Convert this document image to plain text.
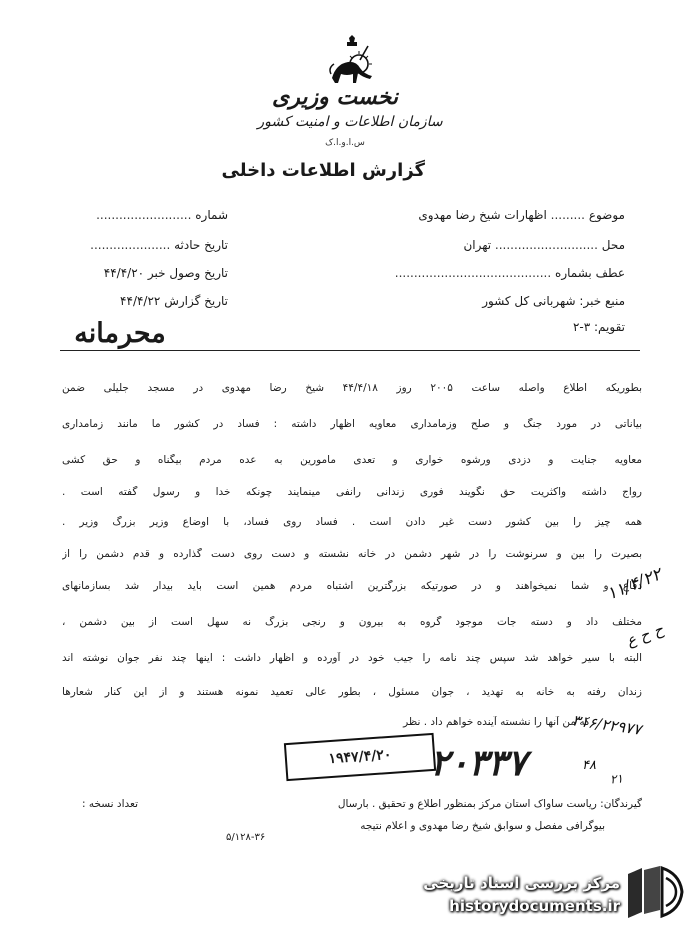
نخست وزیری
سازمان اطلاعات و امنیت کشور
س.ا.و.ا.ک
گزارش اطلاعات داخلی
موضوع ......... اظهارات شیخ رضا مهدوی
محل ........................... تهران
عطف بشماره .........................................
منبع خبر: شهربانی کل کشور
تقویم: ۳-۲
شماره .........................
تاریخ حادثه .....................
تاریخ وصول خبر ۴۴/۴/۲۰
تاریخ گزارش ۴۴/۴/۲۲
محرمانه
بطوریکه اطلاع واصله ساعت ۲۰۰۵ روز ۴۴/۴/۱۸ شیخ رضا مهدوی در مسجد جلیلی ضمن
بیاناتی در مورد جنگ و صلح وزمامداری معاویه اظهار داشته : فساد در کشور ما مانند زمامداری
معاویه جنایت و دزدی ورشوه خواری و تعدی مامورین به عده مردم بیگناه و حق کشی
رواج داشته واکثریت حق نگویند فوری زندانی رانفی مینمایند چونکه خدا و رسول گفته است .
همه چیز را بین کشور دست غیر دادن است . فساد روی فساد، با اوضاع وزیر بزرگ وزیر .
بصیرت را بین و سرنوشت را در شهر دشمن در خانه نشسته و دست روی دست گذارده و قدم دشمن را از
دفاع و شما نمیخواهند و در صورتیکه بزرگترین اشتباه مردم همین است باید بیدار شد بسازمانهای
مختلف داد و دسته جات موجود گروه به بیرون و رنجی بزرگ نه سهل است از بین دشمن ،
البته با سیر خواهد شد سپس چند نامه را جیب خود در آورده و اظهار داشت : اینها چند نفر جوان نوشته اند
زندان رفته به خانه به تهدید ، جوان مسئول ، بطور عالی تعمید نمونه هستند و از این کنار شعارها
که من آنها را نشسته آینده خواهم داد . نظر
۱۱/۴/۲۲
ح ح ع
۳۱۶/۲۲۹۷۷
۴۸
۲۱
۲۰۳۳۷
۱۹۴۷/۴/۲۰
گیرندگان: ریاست ساواک استان مرکز بمنظور اطلاع و تحقیق . بارسال
تعداد نسخه :
بیوگرافی مفصل و سوابق شیخ رضا مهدوی و اعلام نتیجه
۵/۱۲۸-۳۶
مرکز بررسی اسناد تاریخی
historydocuments.ir
